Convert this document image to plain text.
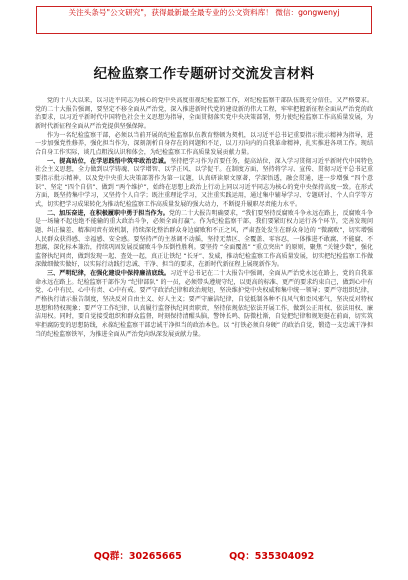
关注头条号"公文研究"，获得最新最全最专业的公文资料库！ 微信：gongwenyj
纪检监察工作专题研讨交流发言材料

党的十八大以来，以习近平同志为核心的党中央高度重视纪检监察工作，对纪检监察干部队伍既充分信任，又严格要求。党的二十大报告强调，要坚定不移全面从严治党，深入推进新时代党的建设新的伟大工程，牢牢把握新征程全面从严治党的政治要求，以习近平新时代中国特色社会主义思想为指导，全面贯彻落实党中央决策部署，努力使纪检监察工作高质量发展，为新时代新征程全面从严治党提供坚强保障。

作为一名纪检监察干部，必须以当前开展的纪检监察队伍教育整顿为契机，以习近平总书记重要指示批示精神为指导，进一步加强党性修养，强化担当作为，深刻剖析自身存在的问题和不足，以刀刃向内的自我革命精神，扎实推进各项工作。现结合自身工作实际，谈几点粗浅认识和体会，为纪检监察工作高质量发展贡献力量。

一、提高站位，在学思践悟中筑牢政治忠诚。坚持把学习作为首要任务，提高站位，深入学习贯彻习近平新时代中国特色社会主义思想，全力做到以学铸魂、以学增智、以学正风、以学促干。在制度方面，坚持将学习、宣传、贯彻习近平总书记重要指示批示精神，以及党中央重大决策部署作为第一议题，认真研读原文原著，学深悟透，融会贯通，进一步增强 “四个意识”、坚定 “四个自信”、做到 “两个维护”，始终在思想上政治上行动上同以习近平同志为核心的党中央保持高度一致。在形式方面，既坚持集中学习，又坚持个人自学；既注重理论学习，又注重实践运用，通过集中辅导学习、专题研讨、个人自学等方式，切实把学习成果转化为推动纪检监察工作高质量发展的强大动力，不断提升履职尽责能力水平。

二、加压奋进，在积极履职中勇于担当作为。党的二十大报告明确要求，“我们要坚持反腐败斗争永远在路上，反腐败斗争是一场输不起也绝不能输的重大政治斗争，必须全面打赢”。作为纪检监察干部，我们要紧盯权力运行各个环节，完善发现问题、纠正偏差、精准问责有效机制，持续深化整治群众身边腐败和不正之风，严肃查处发生在群众身边的 “微腐败”，切实增强人民群众获得感、幸福感、安全感。要坚持严的主基调不动摇，坚持无禁区、全覆盖、零容忍，一体推进不敢腐、不能腐、不想腐，深化标本兼治，持续巩固发展反腐败斗争压倒性胜利。要坚持 “全面覆盖” “重点突出” 的原则，聚焦 “关键少数”，强化监督执纪问责，做到发现一起、查处一起，真正让铁纪 “长牙”、发威，推动纪检监察工作高质量发展，切实把纪检监察工作做深做细做实做好，以实际行动践行忠诚、干净、担当的要求，在新时代新征程上展现新作为。

三、严明纪律，在强化建设中保持廉洁底线。习近平总书记在二十大报告中强调，全面从严治党永远在路上，党的自我革命永远在路上。纪检监察干部作为 “纪律部队” 的一员，必须带头遵规守纪，以更高的标准、更严的要求约束自己，做到心中有党、心中有民、心中有责、心中有戒。要严守政治纪律和政治规矩，坚决维护党中央权威和集中统一领导；要严守组织纪律，严格执行请示报告制度，坚决反对自由主义、好人主义；要严守廉洁纪律，自觉抵制各种不良风气和歪风邪气，坚决反对特权思想和特权现象；要严守工作纪律，认真履行监督执纪问责职责，坚持依规依纪依法开展工作，做到公正用权、依法用权、廉洁用权。同时，要自觉接受组织和群众监督，时刻保持清醒头脑，警钟长鸣、防微杜渐，自觉把纪律和规矩挺在前面，切实筑牢拒腐防变的思想防线，永葆纪检监察干部忠诚干净担当的政治本色。以 “打铁必须自身硬” 的政治自觉，锻造一支忠诚干净担当的纪检监察铁军，为推进全面从严治党向纵深发展贡献力量。

QQ群：30265665	QQ：535304092
